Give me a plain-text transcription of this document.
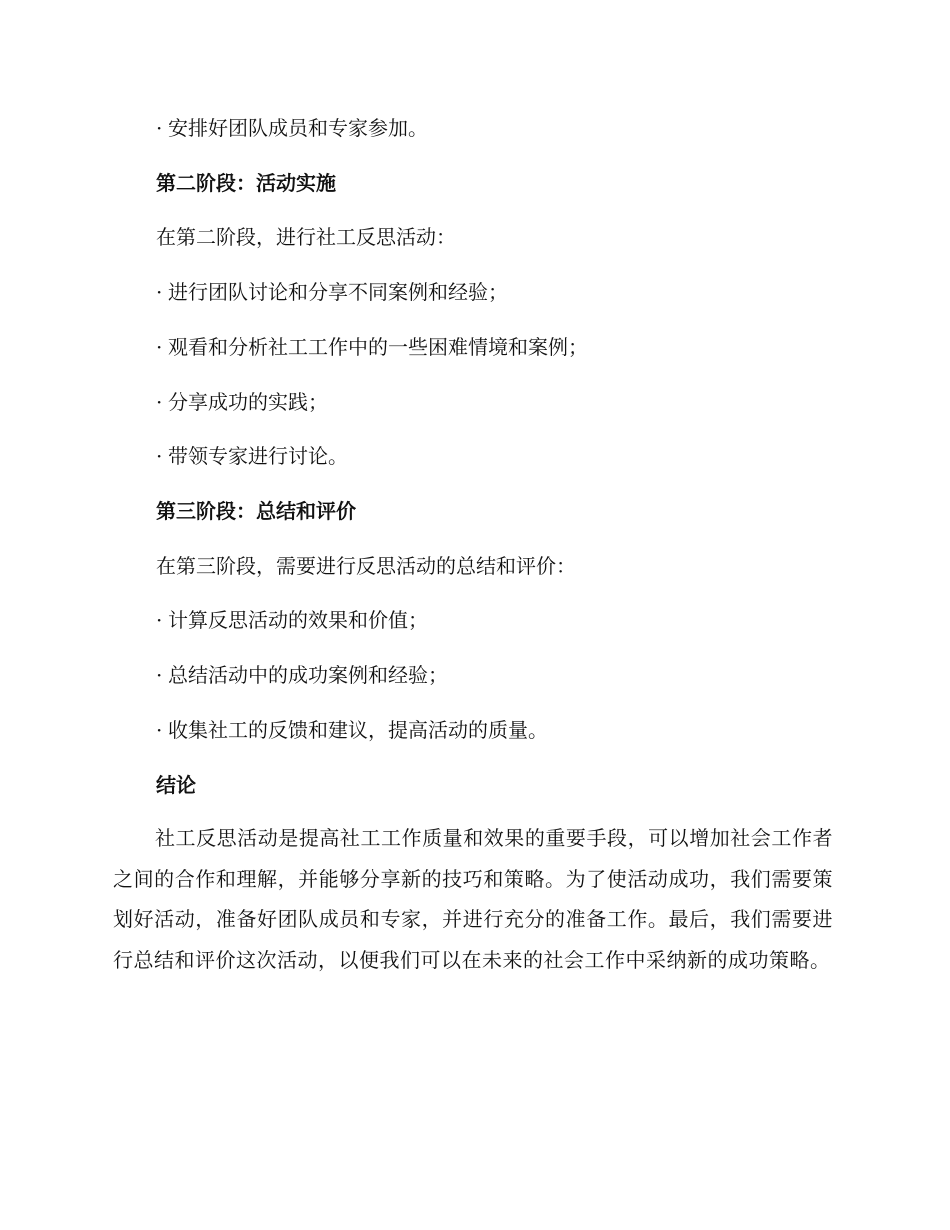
· 安排好团队成员和专家参加。
第二阶段：活动实施
在第二阶段，进行社工反思活动：
· 进行团队讨论和分享不同案例和经验；
· 观看和分析社工工作中的一些困难情境和案例；
· 分享成功的实践；
· 带领专家进行讨论。
第三阶段：总结和评价
在第三阶段，需要进行反思活动的总结和评价：
· 计算反思活动的效果和价值；
· 总结活动中的成功案例和经验；
· 收集社工的反馈和建议，提高活动的质量。
结论
社工反思活动是提高社工工作质量和效果的重要手段，可以增加社会工作者之间的合作和理解，并能够分享新的技巧和策略。为了使活动成功，我们需要策划好活动，准备好团队成员和专家，并进行充分的准备工作。最后，我们需要进行总结和评价这次活动，以便我们可以在未来的社会工作中采纳新的成功策略。
